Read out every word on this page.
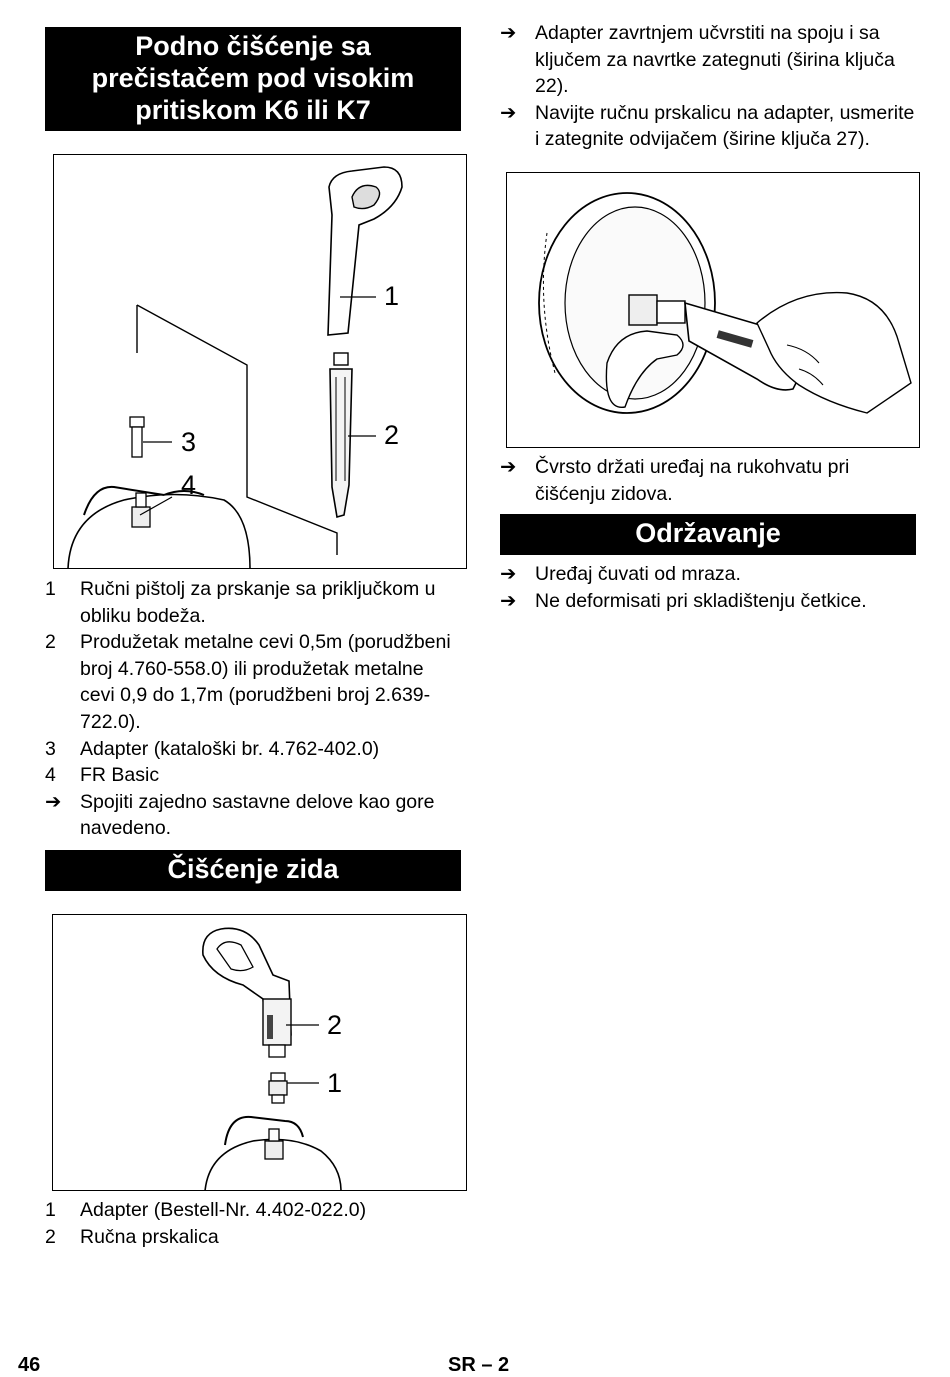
Podno čišćenje sa prečistačem pod visokim pritiskom K6 ili K7
1
2
3
4
1	Ručni pištolj za prskanje sa priključkom u obliku bodeža.
2	Produžetak metalne cevi 0,5m (porudžbeni broj 4.760-558.0) ili produžetak metalne cevi 0,9 do 1,7m (porudžbeni broj 2.639-722.0).
3	Adapter (kataloški br. 4.762-402.0)
4	FR Basic
➔ Spojiti zajedno sastavne delove kao gore navedeno.
Čišćenje zida
2
1
1	Adapter (Bestell-Nr. 4.402-022.0)
2	Ručna prskalica
➔ Adapter zavrtnjem učvrstiti na spoju i sa ključem za navrtke zategnuti (širina ključa 22).
➔ Navijte ručnu prskalicu na adapter, usmerite i zategnite odvijačem (širine ključa 27).
➔ Čvrsto držati uređaj na rukohvatu pri čišćenju zidova.
Održavanje
➔ Uređaj čuvati od mraza.
➔ Ne deformisati pri skladištenju četkice.
46	SR – 2
